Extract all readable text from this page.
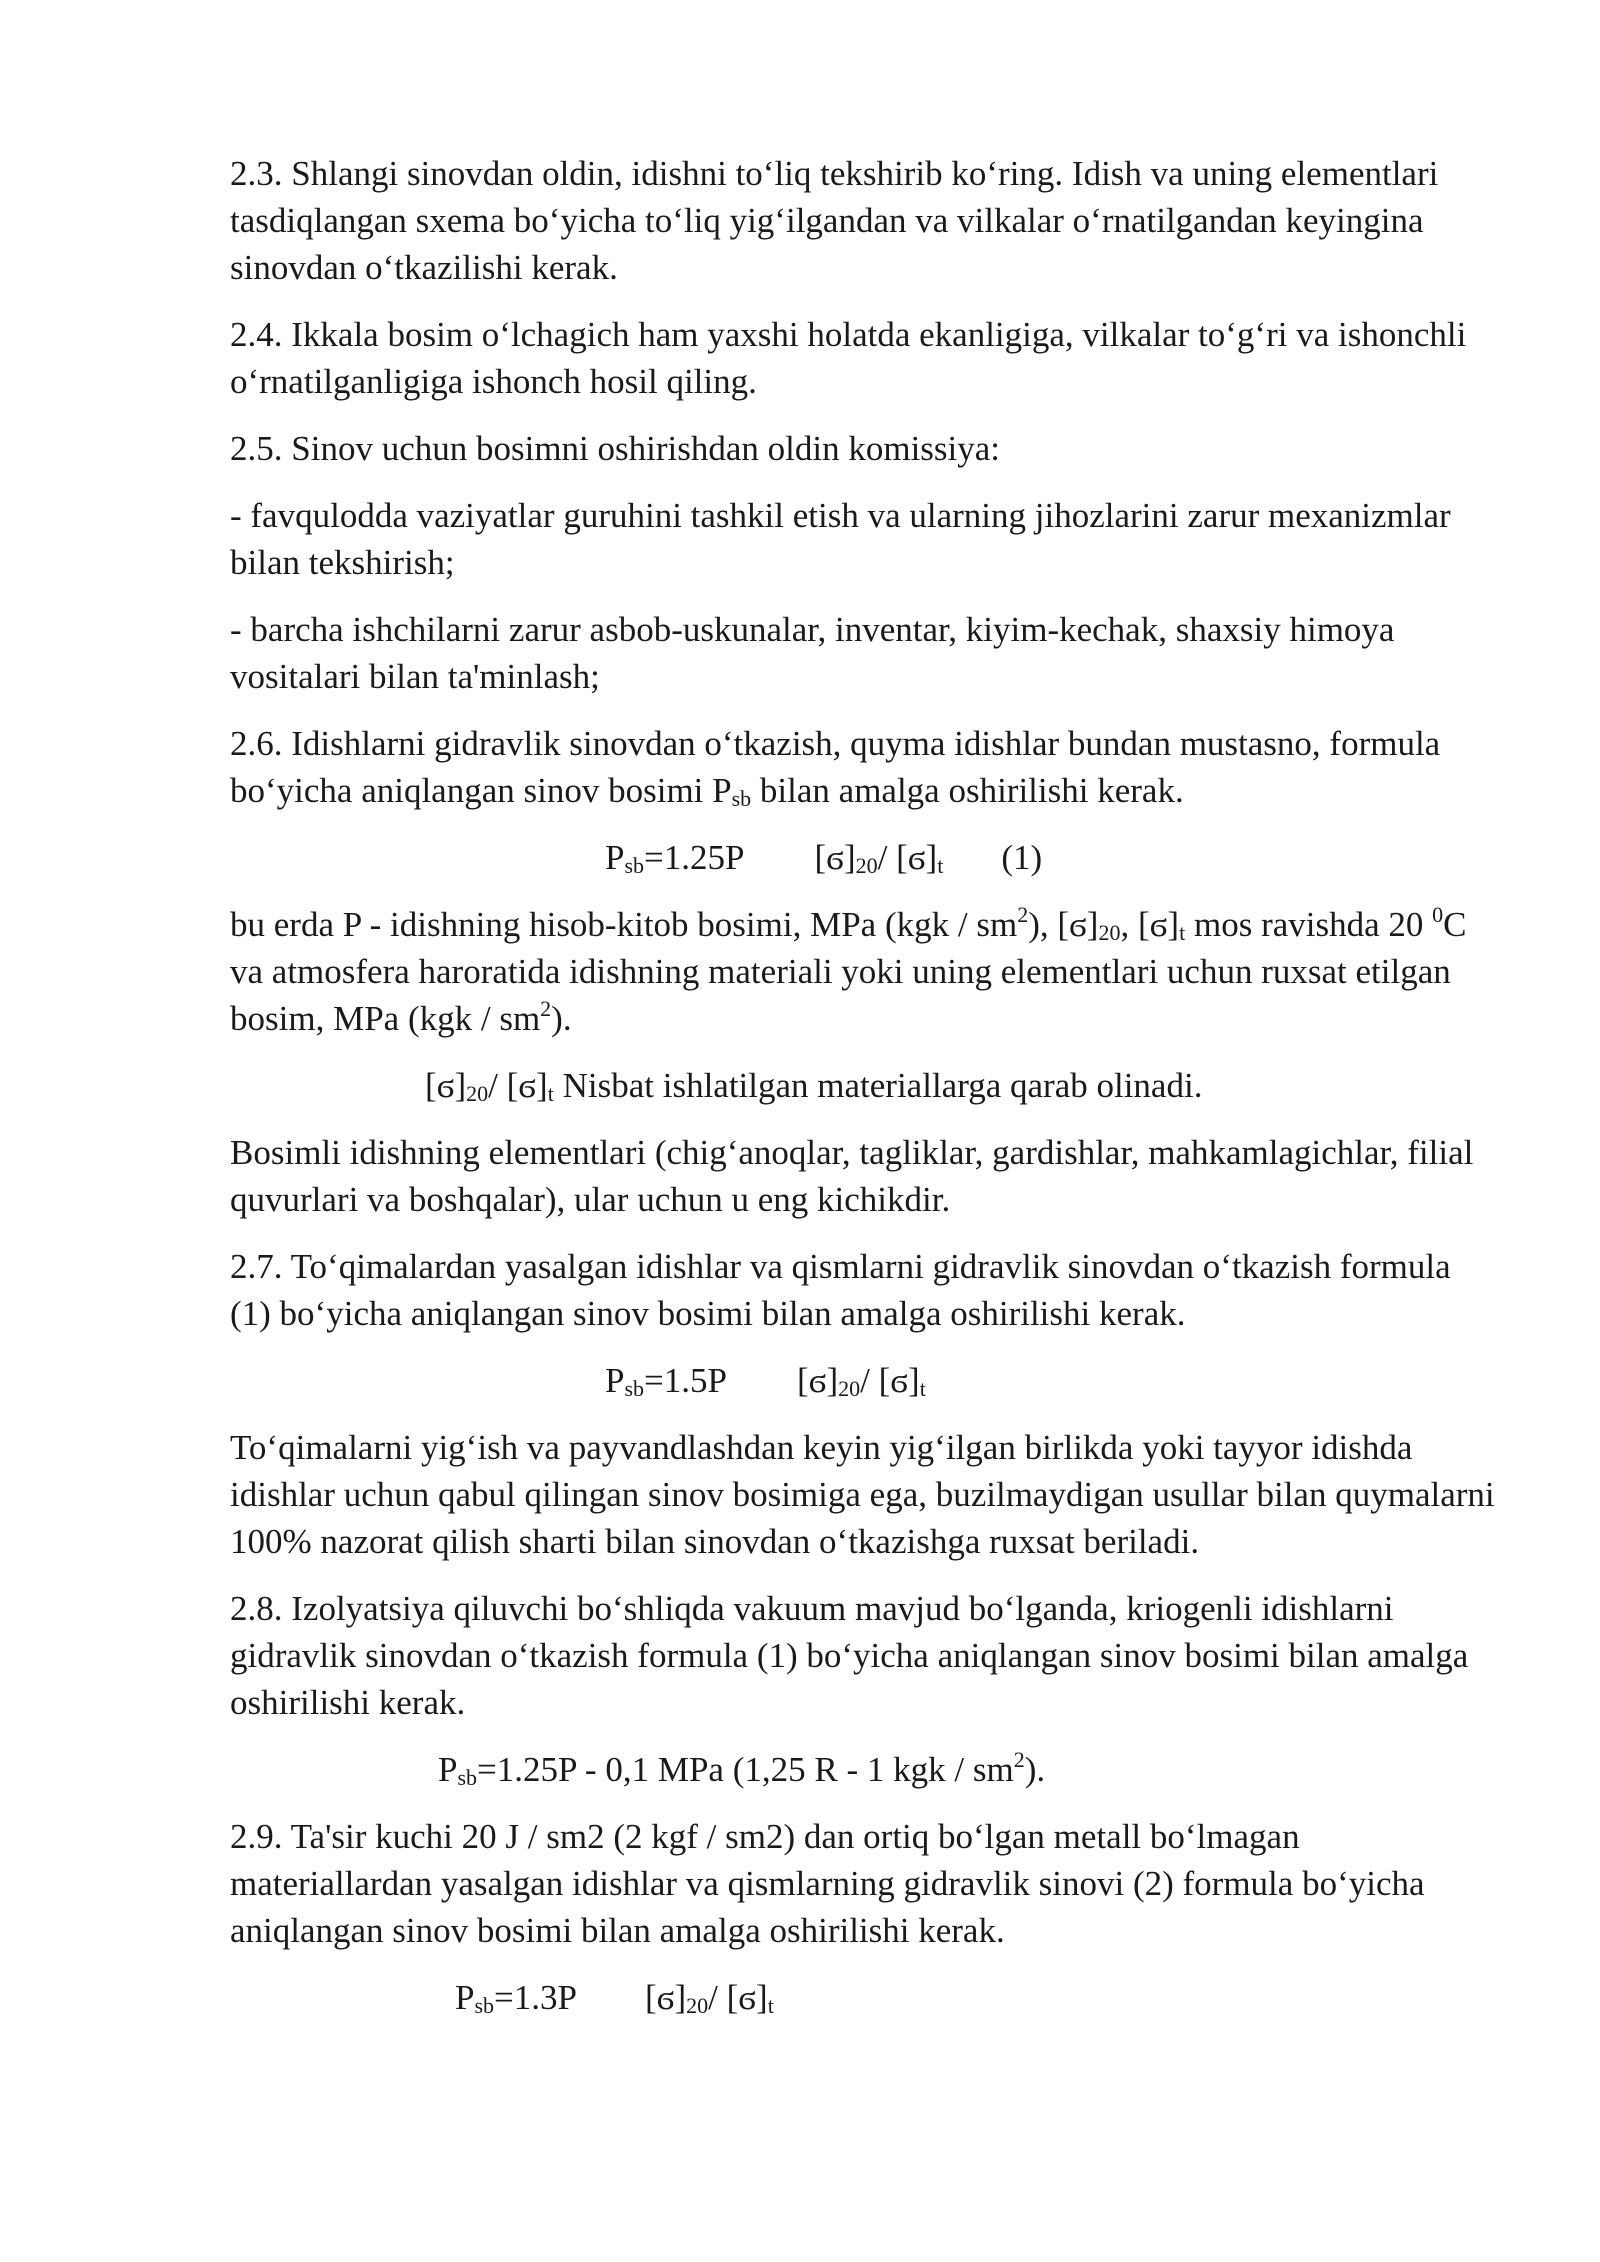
2.3. Shlangi sinovdan oldin, idishni to‘liq tekshirib ko‘ring. Idish va uning elementlari tasdiqlangan sxema bo‘yicha to‘liq yig‘ilgandan va vilkalar o‘rnatilgandan keyingina sinovdan o‘tkazilishi kerak.

2.4. Ikkala bosim o‘lchagich ham yaxshi holatda ekanligiga, vilkalar to‘g‘ri va ishonchli o‘rnatilganligiga ishonch hosil qiling.

2.5. Sinov uchun bosimni oshirishdan oldin komissiya:

- favqulodda vaziyatlar guruhini tashkil etish va ularning jihozlarini zarur mexanizmlar bilan tekshirish;

- barcha ishchilarni zarur asbob-uskunalar, inventar, kiyim-kechak, shaxsiy himoya vositalari bilan ta'minlash;

2.6. Idishlarni gidravlik sinovdan o‘tkazish, quyma idishlar bundan mustasno, formula bo‘yicha aniqlangan sinov bosimi Psb bilan amalga oshirilishi kerak.

Psb=1.25P [ϭ]20/ [ϭ]t (1)

bu erda P - idishning hisob-kitob bosimi, MPa $(kgk / sm^2)$, [ϭ]20, [ϭ]t mos ravishda 20 $^0$C va atmosfera haroratida idishning materiali yoki uning elementlari uchun ruxsat etilgan bosim, MPa $(kgk / sm^2)$.

[ϭ]20/ [ϭ]t Nisbat ishlatilgan materiallarga qarab olinadi.

Bosimli idishning elementlari (chig‘anoqlar, tagliklar, gardishlar, mahkamlagichlar, filial quvurlari va boshqalar), ular uchun u eng kichikdir.

2.7. To‘qimalardan yasalgan idishlar va qismlarni gidravlik sinovdan o‘tkazish formula (1) bo‘yicha aniqlangan sinov bosimi bilan amalga oshirilishi kerak.

Psb=1.5P [ϭ]20/ [ϭ]t

To‘qimalarni yig‘ish va payvandlashdan keyin yig‘ilgan birlikda yoki tayyor idishda idishlar uchun qabul qilingan sinov bosimiga ega, buzilmaydigan usullar bilan quymalarni 100% nazorat qilish sharti bilan sinovdan o‘tkazishga ruxsat beriladi.

2.8. Izolyatsiya qiluvchi bo‘shliqda vakuum mavjud bo‘lganda, kriogenli idishlarni gidravlik sinovdan o‘tkazish formula (1) bo‘yicha aniqlangan sinov bosimi bilan amalga oshirilishi kerak.

Psb=1.25P - 0,1 MPa (1,25 R - 1 kgk / $sm^2$).

2.9. Ta'sir kuchi 20 J / sm2 (2 kgf / sm2) dan ortiq bo‘lgan metall bo‘lmagan materiallardan yasalgan idishlar va qismlarning gidravlik sinovi (2) formula bo‘yicha aniqlangan sinov bosimi bilan amalga oshirilishi kerak.

Psb=1.3P [ϭ]20/ [ϭ]t
